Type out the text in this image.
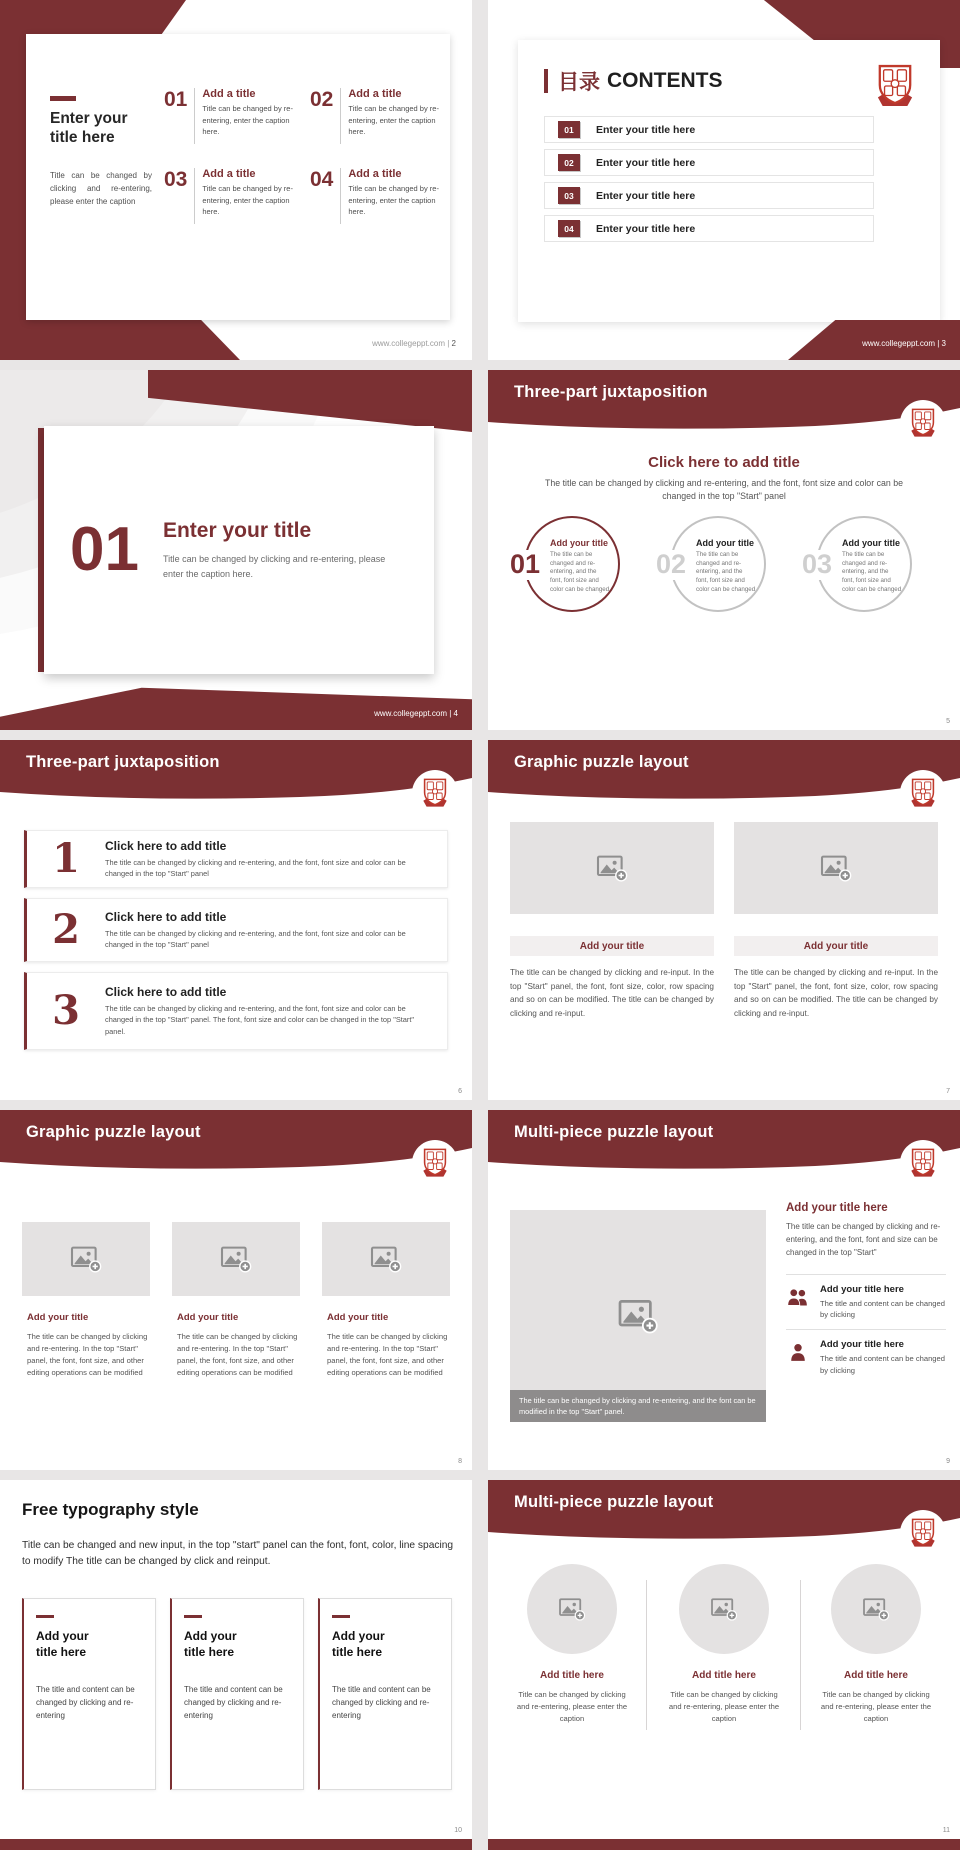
Enter your title here
Title can be changed by clicking and re-entering, please enter the caption
01	Add a title
Title can be changed by re-entering, enter the caption here.
02	Add a title
Title can be changed by re-entering, enter the caption here.
03	Add a title
Title can be changed by re-entering, enter the caption here.
04	Add a title
Title can be changed by re-entering, enter the caption here.
www.collegeppt.com | 2
目录 CONTENTS
01	Enter your title here
02	Enter your title here
03	Enter your title here
04	Enter your title here
www.collegeppt.com | 3
01 Enter your title
Title can be changed by clicking and re-entering, please enter the caption here.
www.collegeppt.com | 4
Three-part juxtaposition
Click here to add title
The title can be changed by clicking and re-entering, and the font, font size and color can be changed in the top "Start" panel
01
Add your title
The title can be changed and re-entering, and the font, font size and color can be changed
02
Add your title
The title can be changed and re-entering, and the font, font size and color can be changed
03
Add your title
The title can be changed and re-entering, and the font, font size and color can be changed
5
Three-part juxtaposition
1	Click here to add title
The title can be changed by clicking and re-entering, and the font, font size and color can be changed in the top "Start" panel
2	Click here to add title
The title can be changed by clicking and re-entering, and the font, font size and color can be changed in the top "Start" panel
3	Click here to add title
The title can be changed by clicking and re-entering, and the font, font size and color can be changed in the top "Start" panel. The font, font size and color can be changed in the top "Start" panel.
6
Graphic puzzle layout
Add your title
The title can be changed by clicking and re-input. In the top "Start" panel, the font, font size, color, row spacing and so on can be modified. The title can be changed by clicking and re-input.
Add your title
The title can be changed by clicking and re-input. In the top "Start" panel, the font, font size, color, row spacing and so on can be modified. The title can be changed by clicking and re-input.
7
Graphic puzzle layout
Add your title
The title can be changed by clicking and re-entering. In the top "Start" panel, the font, font size, and other editing operations can be modified
Add your title
The title can be changed by clicking and re-entering. In the top "Start" panel, the font, font size, and other editing operations can be modified
Add your title
The title can be changed by clicking and re-entering. In the top "Start" panel, the font, font size, and other editing operations can be modified
8
Multi-piece puzzle layout
The title can be changed by clicking and re-entering, and the font can be modified in the top "Start" panel.
Add your title here
The title can be changed by clicking and re-entering, and the font, font and size can be changed in the top "Start"
Add your title here
The title and content can be changed by clicking
Add your title here
The title and content can be changed by clicking
9
Free typography style
Title can be changed and new input, in the top "start" panel can the font, font, color, line spacing to modify The title can be changed by click and reinput.
Add your title here
The title and content can be changed by clicking and re-entering
Add your title here
The title and content can be changed by clicking and re-entering
Add your title here
The title and content can be changed by clicking and re-entering
10
Multi-piece puzzle layout
Add title here
Title can be changed by clicking and re-entering, please enter the caption
Add title here
Title can be changed by clicking and re-entering, please enter the caption
Add title here
Title can be changed by clicking and re-entering, please enter the caption
11
